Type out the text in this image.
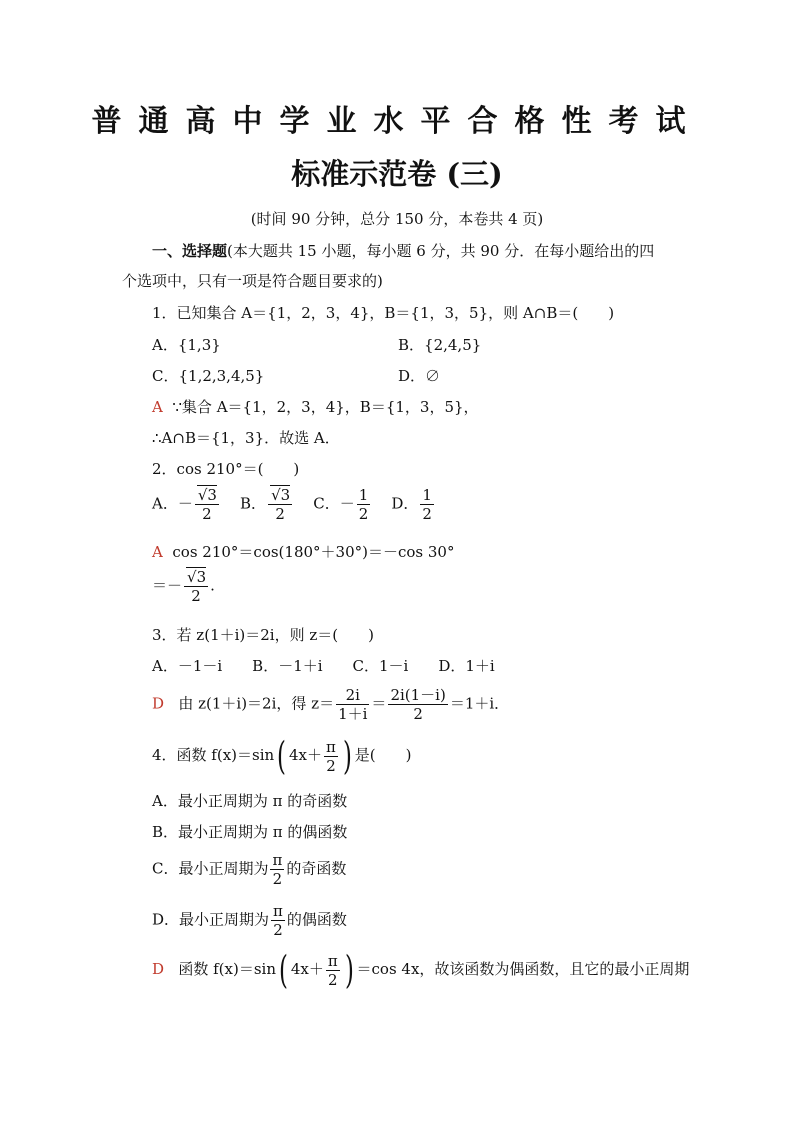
普通高中学业水平合格性考试
标准示范卷 (三)
(时间 90 分钟，总分 150 分，本卷共 4 页)
一、选择题(本大题共 15 小题，每小题 6 分，共 90 分．在每小题给出的四
个选项中，只有一项是符合题目要求的)
1．已知集合 A＝{1，2，3，4}，B＝{1，3，5}，则 A∩B＝(　　)
A．{1,3}	B．{2,4,5}
C．{1,2,3,4,5}	D．∅
A ∵集合 A＝{1，2，3，4}，B＝{1，3，5}，
∴A∩B＝{1，3}．故选 A．
2．cos 210°＝(　　)
A．－ $\frac{√3}{2}$ B． $\frac{√3}{2}$ C．－ $\frac{1}{2}$ D． $\frac{1}{2}$
A cos 210°＝cos(180°＋30°)＝－cos 30°
＝－ $\frac{√3}{2}$ .
3．若 z(1＋i)＝2i，则 z＝(　　)
A．－1－i　　B．－1＋i　　C．1－i　　D．1＋i
D 由 z(1＋i)＝2i，得 $z= \frac{2i}{1+i} = \frac{2i(1-i)}{2} =1+i$．
4．函数 f(x)＝sin( $4x+ \frac{\pi}{2}$ ) 是(　　)
A．最小正周期为 π 的奇函数
B．最小正周期为 π 的偶函数
C．最小正周期为 $\frac{\pi}{2}$ 的奇函数
D．最小正周期为 $\frac{\pi}{2}$ 的偶函数
D 函数 f(x)＝sin( $4x+ \frac{\pi}{2}$ ) ＝cos 4x，故该函数为偶函数，且它的最小正周期
